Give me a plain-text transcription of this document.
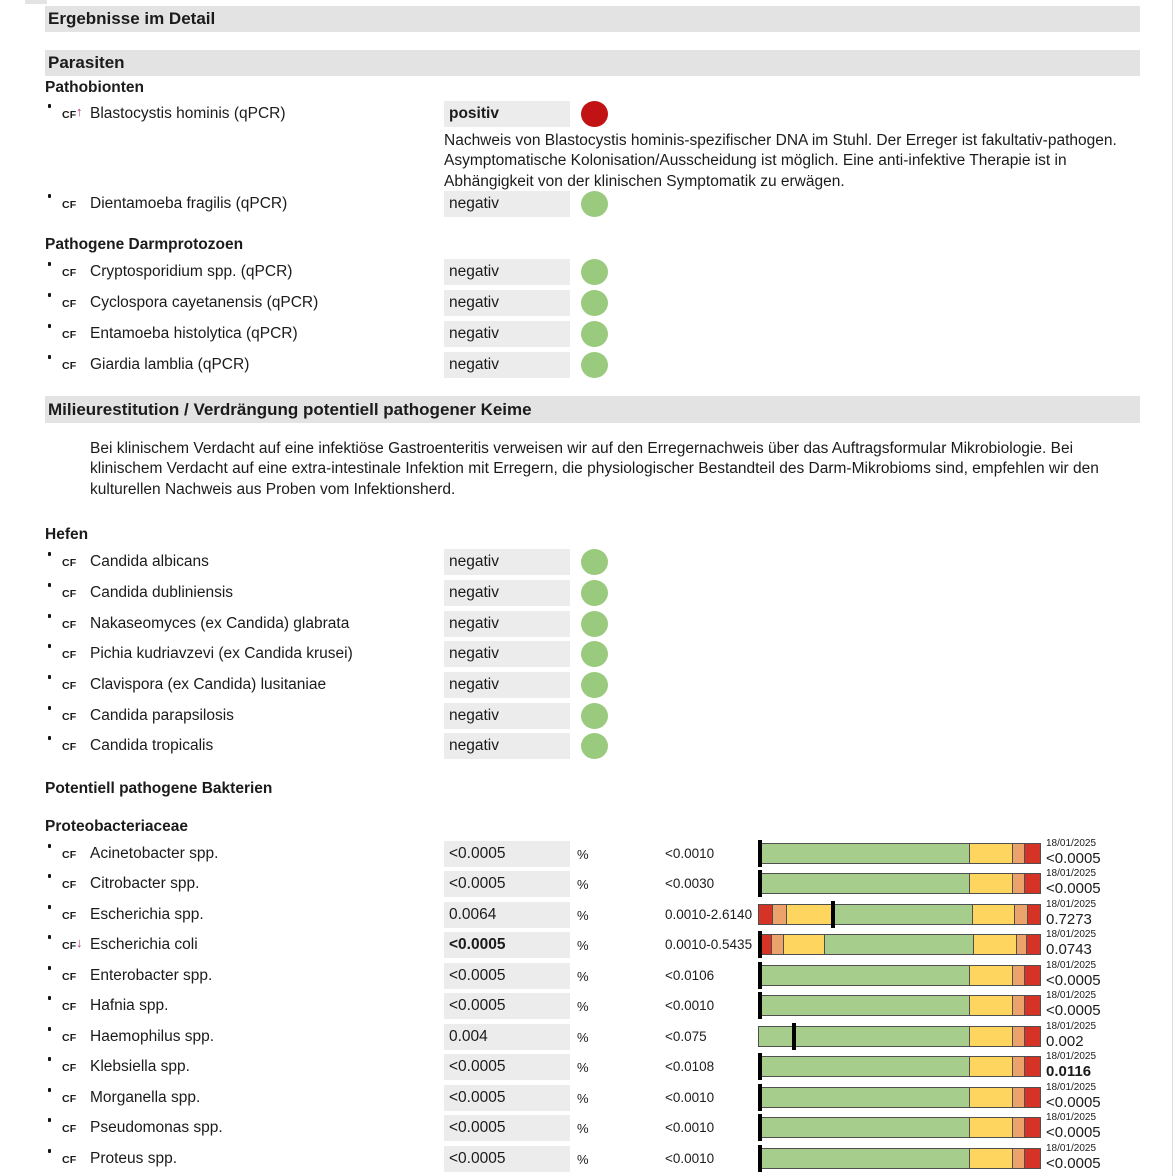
Ergebnisse im Detail
Parasiten
Pathobionten
CF ↑ Blastocystis hominis (qPCR)	positiv
Nachweis von Blastocystis hominis-spezifischer DNA im Stuhl. Der Erreger ist fakultativ-pathogen. Asymptomatische Kolonisation/Ausscheidung ist möglich. Eine anti-infektive Therapie ist in Abhängigkeit von der klinischen Symptomatik zu erwägen.
CF Dientamoeba fragilis (qPCR)	negativ
Pathogene Darmprotozoen
CF Cryptosporidium spp. (qPCR)	negativ
CF Cyclospora cayetanensis (qPCR)	negativ
CF Entamoeba histolytica (qPCR)	negativ
CF Giardia lamblia (qPCR)	negativ
Milieurestitution / Verdrängung potentiell pathogener Keime
Bei klinischem Verdacht auf eine infektiöse Gastroenteritis verweisen wir auf den Erregernachweis über das Auftragsformular Mikrobiologie. Bei klinischem Verdacht auf eine extra-intestinale Infektion mit Erregern, die physiologischer Bestandteil des Darm-Mikrobioms sind, empfehlen wir den kulturellen Nachweis aus Proben vom Infektionsherd.
Hefen
CF Candida albicans	negativ
CF Candida dubliniensis	negativ
CF Nakaseomyces (ex Candida) glabrata	negativ
CF Pichia kudriavzevi (ex Candida krusei)	negativ
CF Clavispora (ex Candida) lusitaniae	negativ
CF Candida parapsilosis	negativ
CF Candida tropicalis	negativ
Potentiell pathogene Bakterien
Proteobacteriaceae
CF Acinetobacter spp.	<0.0005	%	<0.0010
18/01/2025
<0.0005
CF Citrobacter spp.	<0.0005	%	<0.0030
18/01/2025
<0.0005
CF Escherichia spp.	0.0064	%	0.0010-2.6140
18/01/2025
0.7273
CF ↓ Escherichia coli	<0.0005	%	0.0010-0.5435
18/01/2025
0.0743
CF Enterobacter spp.	<0.0005	%	<0.0106
18/01/2025
<0.0005
CF Hafnia spp.	<0.0005	%	<0.0010
18/01/2025
<0.0005
CF Haemophilus spp.	0.004	%	<0.075
18/01/2025
0.002
CF Klebsiella spp.	<0.0005	%	<0.0108
18/01/2025
0.0116
CF Morganella spp.	<0.0005	%	<0.0010
18/01/2025
<0.0005
CF Pseudomonas spp.	<0.0005	%	<0.0010
18/01/2025
<0.0005
CF Proteus spp.	<0.0005	%	<0.0010
18/01/2025
<0.0005
